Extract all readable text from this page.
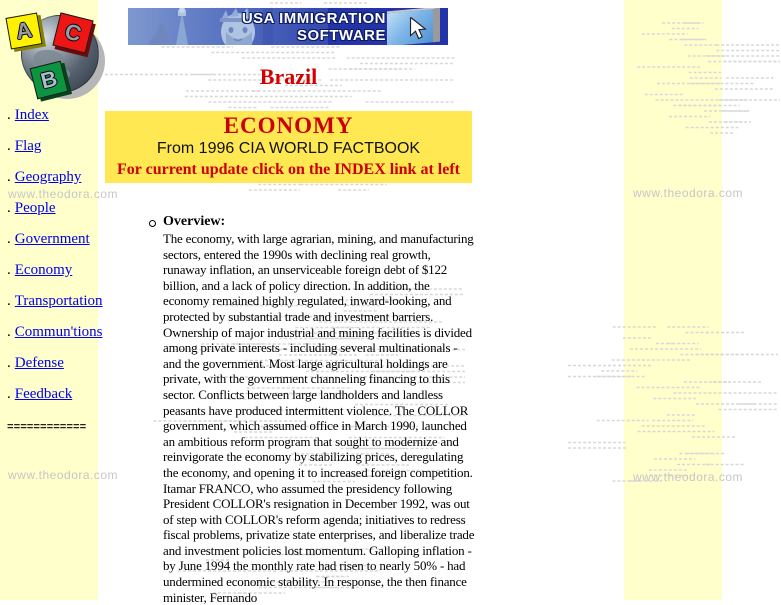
www.theodora.com	www.theodora.com
www.theodora.com	www.theodora.com
A	C
B
USA IMMIGRATION
SOFTWARE
. Index
. Flag
. Geography
. People
. Government
. Economy
. Transportation
. Commun'tions
. Defense
. Feedback
============
Brazil
ECONOMY
From 1996 CIA WORLD FACTBOOK
For current update click on the INDEX link at left
Overview:

The economy, with large agrarian, mining, and manufacturing sectors, entered the 1990s with declining real growth, runaway inflation, an unserviceable foreign debt of $122 billion, and a lack of policy direction. In addition, the economy remained highly regulated, inward-looking, and protected by substantial trade and investment barriers. Ownership of major industrial and mining facilities is divided among private interests - including several multinationals - and the government. Most large agricultural holdings are private, with the government channeling financing to this sector. Conflicts between large landholders and landless peasants have produced intermittent violence. The COLLOR government, which assumed office in March 1990, launched an ambitious reform program that sought to modernize and reinvigorate the economy by stabilizing prices, deregulating the economy, and opening it to increased foreign competition. Itamar FRANCO, who assumed the presidency following President COLLOR's resignation in December 1992, was out of step with COLLOR's reform agenda; initiatives to redress fiscal problems, privatize state enterprises, and liberalize trade and investment policies lost momentum. Galloping inflation - by June 1994 the monthly rate had risen to nearly 50% - had undermined economic stability. In response, the then finance minister, Fernando
